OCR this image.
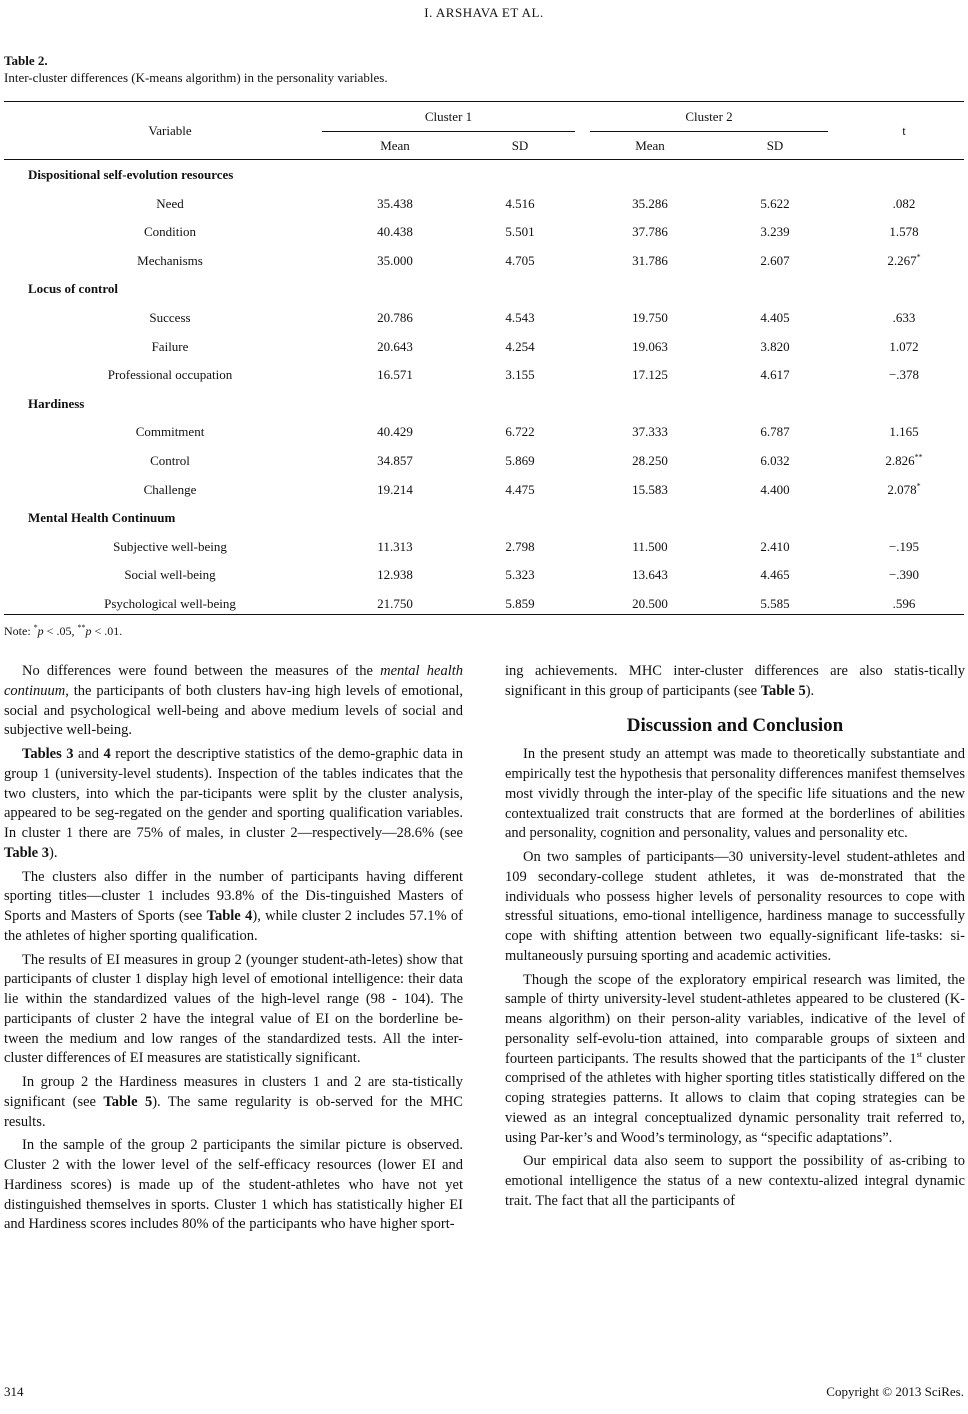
I. ARSHAVA ET AL.
Table 2.
Inter-cluster differences (K-means algorithm) in the personality variables.
Variable
Cluster 1	Cluster 2
Mean	SD	Mean	SD
t
Dispositional self-evolution resources
Need	35.438	4.516	35.286	5.622	.082
Condition	40.438	5.501	37.786	3.239	1.578
Mechanisms	35.000	4.705	31.786	2.607	2.267*
Locus of control
Success	20.786	4.543	19.750	4.405	.633
Failure	20.643	4.254	19.063	3.820	1.072
Professional occupation	16.571	3.155	17.125	4.617	−.378
Hardiness
Commitment	40.429	6.722	37.333	6.787	1.165
Control	34.857	5.869	28.250	6.032	2.826**
Challenge	19.214	4.475	15.583	4.400	2.078*
Mental Health Continuum
Subjective well-being	11.313	2.798	11.500	2.410	−.195
Social well-being	12.938	5.323	13.643	4.465	−.390
Psychological well-being	21.750	5.859	20.500	5.585	.596
Note: *p < .05, **p < .01.

No differences were found between the measures of the mental health continuum, the participants of both clusters hav-ing high levels of emotional, social and psychological well-being and above medium levels of social and subjective well-being.

Tables 3 and 4 report the descriptive statistics of the demo-graphic data in group 1 (university-level students). Inspection of the tables indicates that the two clusters, into which the par-ticipants were split by the cluster analysis, appeared to be seg-regated on the gender and sporting qualification variables. In cluster 1 there are 75% of males, in cluster 2—respectively—28.6% (see Table 3).

The clusters also differ in the number of participants having different sporting titles—cluster 1 includes 93.8% of the Dis-tinguished Masters of Sports and Masters of Sports (see Table 4), while cluster 2 includes 57.1% of the athletes of higher sporting qualification.

The results of EI measures in group 2 (younger student-ath-letes) show that participants of cluster 1 display high level of emotional intelligence: their data lie within the standardized values of the high-level range (98 - 104). The participants of cluster 2 have the integral value of EI on the borderline be-tween the medium and low ranges of the standardized tests. All the inter-cluster differences of EI measures are statistically significant.

In group 2 the Hardiness measures in clusters 1 and 2 are sta-tistically significant (see Table 5). The same regularity is ob-served for the MHC results.

In the sample of the group 2 participants the similar picture is observed. Cluster 2 with the lower level of the self-efficacy resources (lower EI and Hardiness scores) is made up of the student-athletes who have not yet distinguished themselves in sports. Cluster 1 which has statistically higher EI and Hardiness scores includes 80% of the participants who have higher sport-

ing achievements. MHC inter-cluster differences are also statis-tically significant in this group of participants (see Table 5).

Discussion and Conclusion

In the present study an attempt was made to theoretically substantiate and empirically test the hypothesis that personality differences manifest themselves most vividly through the inter-play of the specific life situations and the new contextualized trait constructs that are formed at the borderlines of abilities and personality, cognition and personality, values and personality etc.

On two samples of participants—30 university-level student-athletes and 109 secondary-college student athletes, it was de-monstrated that the individuals who possess higher levels of personality resources to cope with stressful situations, emo-tional intelligence, hardiness manage to successfully cope with shifting attention between two equally-significant life-tasks: si-multaneously pursuing sporting and academic activities.

Though the scope of the exploratory empirical research was limited, the sample of thirty university-level student-athletes appeared to be clustered (K-means algorithm) on their person-ality variables, indicative of the level of personality self-evolu-tion attained, into comparable groups of sixteen and fourteen participants. The results showed that the participants of the 1st cluster comprised of the athletes with higher sporting titles statistically differed on the coping strategies patterns. It allows to claim that coping strategies can be viewed as an integral conceptualized dynamic personality trait referred to, using Par-ker’s and Wood’s terminology, as “specific adaptations”.

Our empirical data also seem to support the possibility of as-cribing to emotional intelligence the status of a new contextu-alized integral dynamic trait. The fact that all the participants of

314	Copyright © 2013 SciRes.
